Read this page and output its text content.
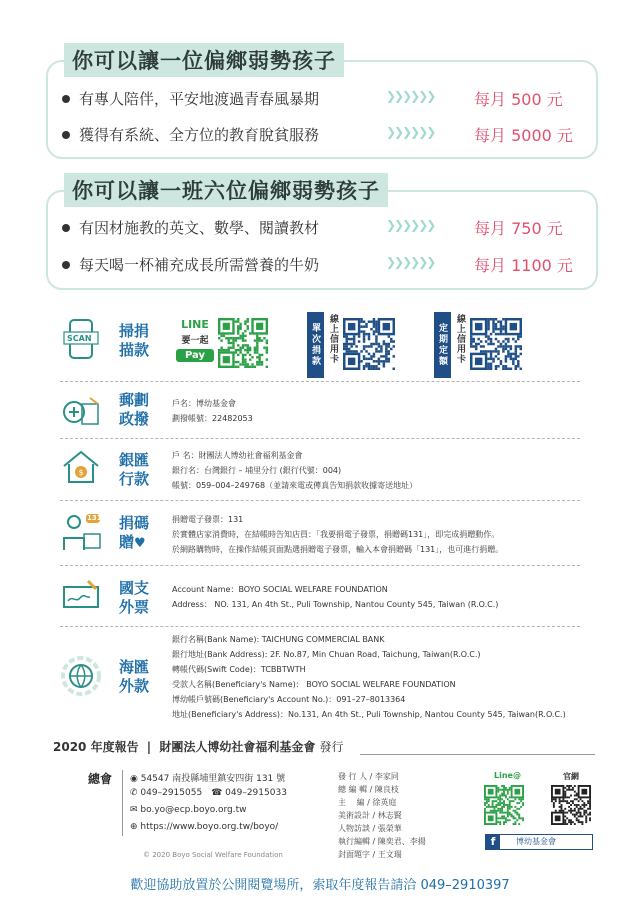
你可以讓一位偏鄉弱勢孩子
有專人陪伴，平安地渡過青春風暴期	❯❯❯❯❯❯ 每月 500 元
獲得有系統、全方位的教育脫貧服務	❯❯❯❯❯❯ 每月 5000 元
你可以讓一班六位偏鄉弱勢孩子
有因材施教的英文、數學、閱讀教材	❯❯❯❯❯❯ 每月 750 元
每天喝一杯補充成長所需營養的牛奶	❯❯❯❯❯❯ 每月 1100 元
SCAN 掃捐描款
LINE
要一起
Pay	單次捐款 線上信用卡	定期定額 線上信用卡
郵劃政撥
戶名：博幼基金會
劃撥帳號：22482053
$
銀匯行款
戶 名：財團法人博幼社會福利基金會
銀行名：台灣銀行 – 埔里分行 (銀行代號：004)
帳號：059–004–249768（並請來電或傳真告知捐款收據寄送地址）
131 捐碼贈♥
捐贈電子發票：131
於實體店家消費時，在結帳時告知店員：「我要捐電子發票，捐贈碼131」，即完成捐贈動作。
於網路購物時，在操作結帳頁面點選捐贈電子發票，輸入本會捐贈碼「131」，也可進行捐贈。
國支外票
Account Name：BOYO SOCIAL WELFARE FOUNDATION
Address： NO. 131, An 4th St., Puli Township, Nantou County 545, Taiwan (R.O.C.)
海匯外款
銀行名稱(Bank Name): TAICHUNG COMMERCIAL BANK
銀行地址(Bank Address): 2F. No.87, Min Chuan Road, Taichung, Taiwan(R.O.C.)
轉帳代碼(Swift Code)：TCBBTWTH
受款人名稱(Beneficiary's Name)： BOYO SOCIAL WELFARE FOUNDATION
博幼帳戶號碼(Beneficiary's Account No.)：091–27–8013364
地址(Beneficiary's Address)：No.131, An 4th St., Puli Township, Nantou County 545, Taiwan(R.O.C.)
2020 年度報告 | 財團法人博幼社會福利基金會 發行
總會 ◉ 54547 南投縣埔里鎮安四街 131 號
✆ 049–2915055 ☎ 049–2915033
✉ bo.yo@ecp.boyo.org.tw
⊕ https://www.boyo.org.tw/boyo/
© 2020 Boyo Social Welfare Foundation
發 行 人 / 李家同
總 編 輯 / 陳良枝
主　 編 / 徐英庭
美術設計 / 林志賢
人物訪談 / 張榮華
執行編輯 / 陳奕君、李揚
封面題字 / 王文瑞
Line@	官網
f	博幼基金會
歡迎協助放置於公開閱覽場所，索取年度報告請洽 049–2910397
